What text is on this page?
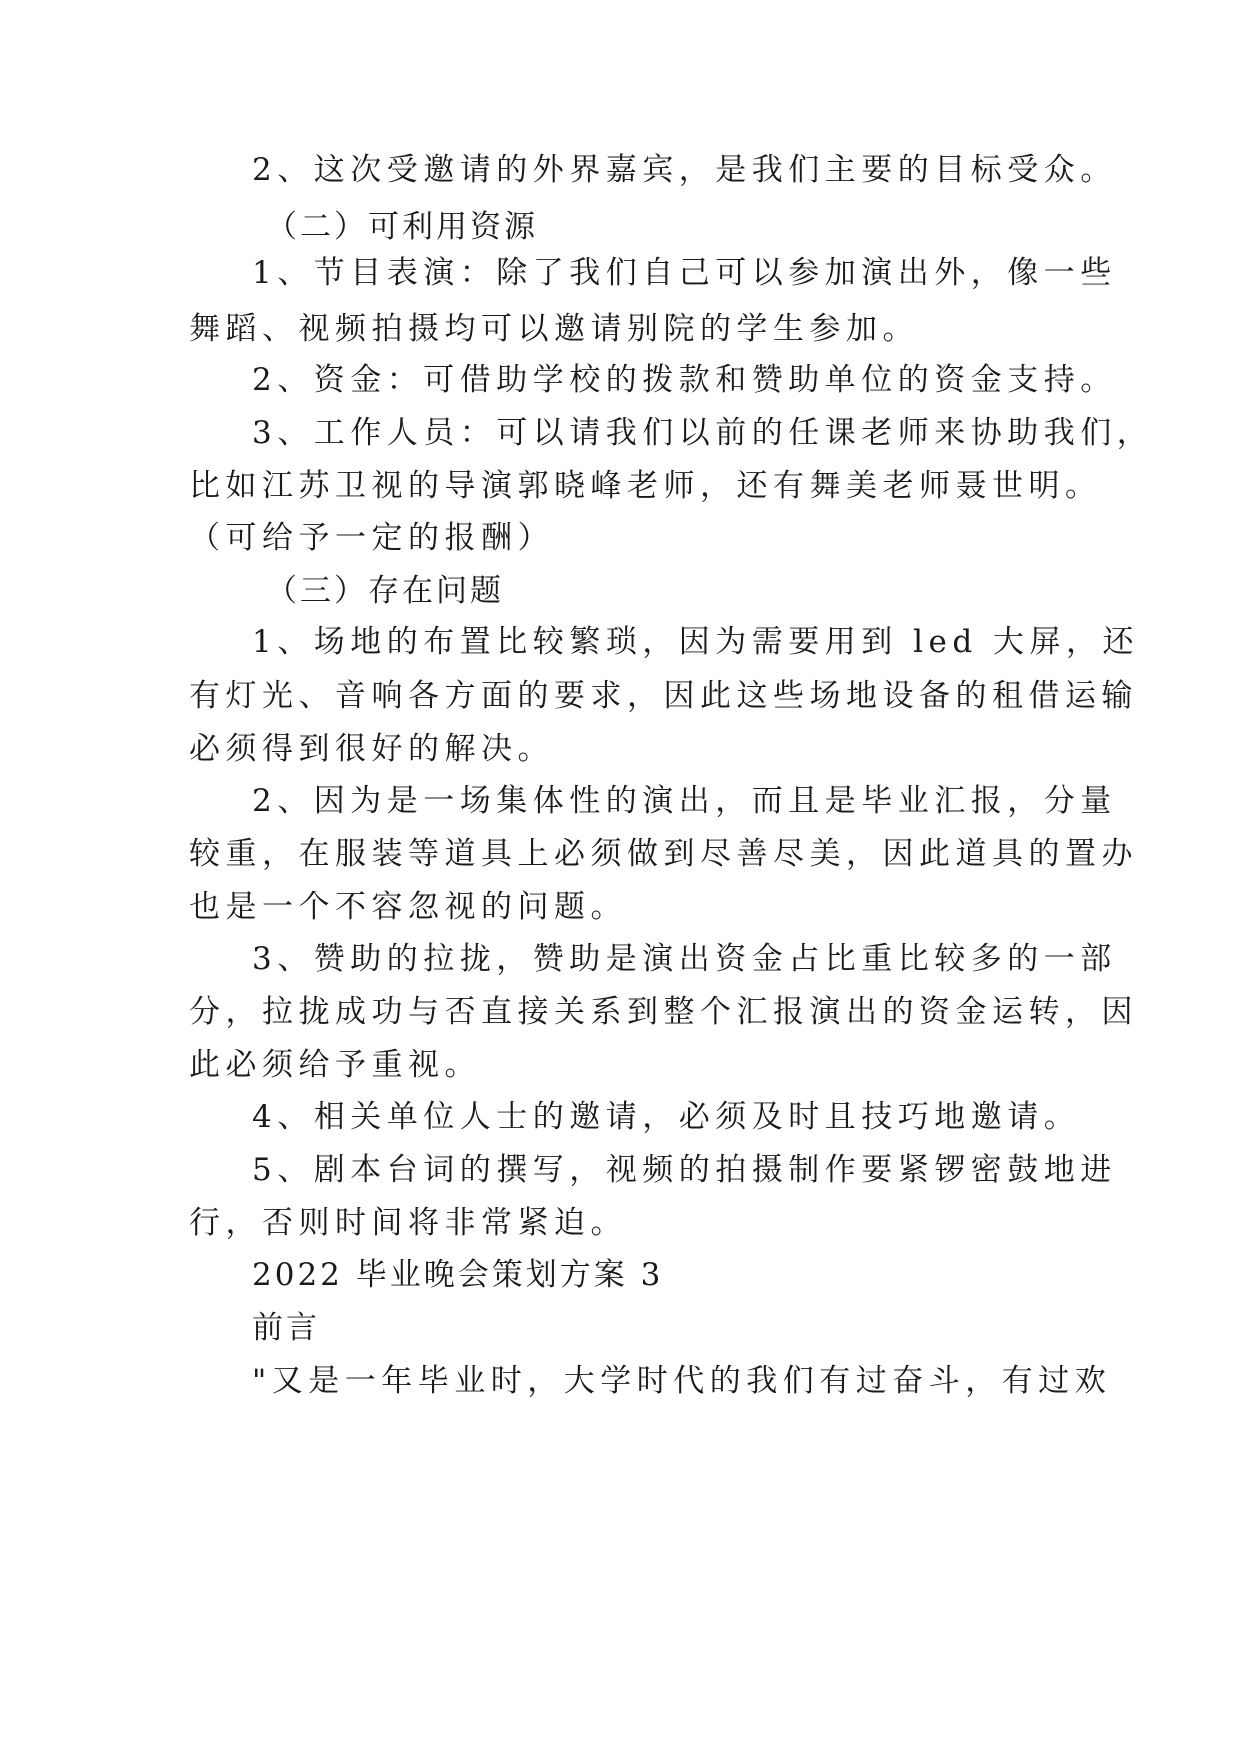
2、这次受邀请的外界嘉宾，是我们主要的目标受众。
（二）可利用资源
1、节目表演：除了我们自己可以参加演出外，像一些
舞蹈、视频拍摄均可以邀请别院的学生参加。
2、资金：可借助学校的拨款和赞助单位的资金支持。
3、工作人员：可以请我们以前的任课老师来协助我们，
比如江苏卫视的导演郭晓峰老师，还有舞美老师聂世明。
（可给予一定的报酬）
（三）存在问题
1、场地的布置比较繁琐，因为需要用到 led 大屏，还
有灯光、音响各方面的要求，因此这些场地设备的租借运输
必须得到很好的解决。
2、因为是一场集体性的演出，而且是毕业汇报，分量
较重，在服装等道具上必须做到尽善尽美，因此道具的置办
也是一个不容忽视的问题。
3、赞助的拉拢，赞助是演出资金占比重比较多的一部
分，拉拢成功与否直接关系到整个汇报演出的资金运转，因
此必须给予重视。
4、相关单位人士的邀请，必须及时且技巧地邀请。
5、剧本台词的撰写，视频的拍摄制作要紧锣密鼓地进
行，否则时间将非常紧迫。
2022 毕业晚会策划方案 3
前言
"又是一年毕业时，大学时代的我们有过奋斗，有过欢
